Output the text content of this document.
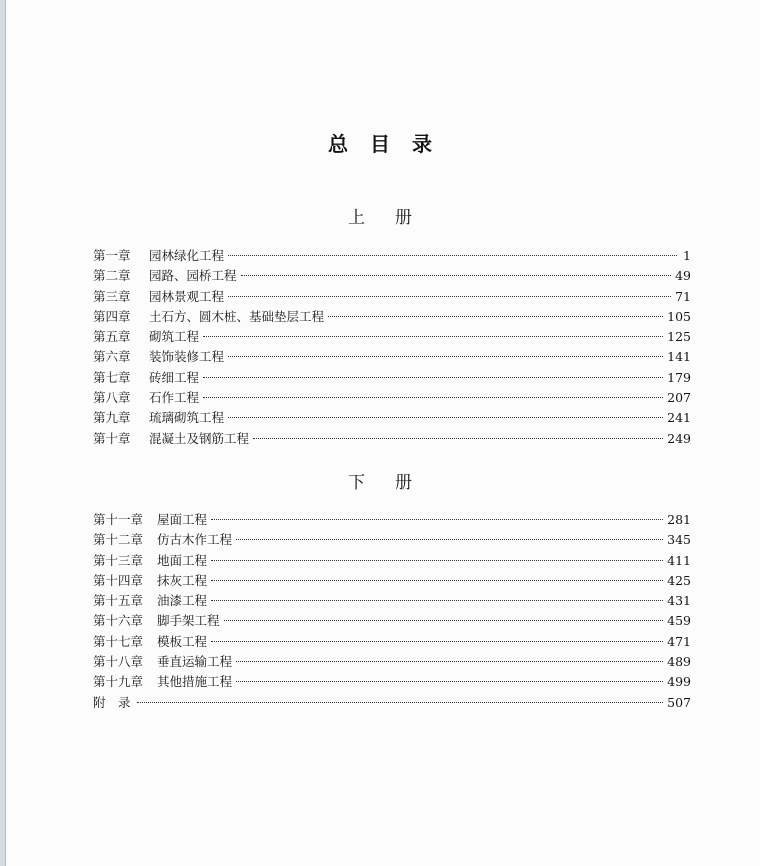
总目录
上册
第一章	园林绿化工程	1
第二章	园路、园桥工程	49
第三章	园林景观工程	71
第四章	土石方、圆木桩、基础垫层工程	105
第五章	砌筑工程	125
第六章	装饰装修工程	141
第七章	砖细工程	179
第八章	石作工程	207
第九章	琉璃砌筑工程	241
第十章	混凝土及钢筋工程	249
下册
第十一章	屋面工程	281
第十二章	仿古木作工程	345
第十三章	地面工程	411
第十四章	抹灰工程	425
第十五章	油漆工程	431
第十六章	脚手架工程	459
第十七章	模板工程	471
第十八章	垂直运输工程	489
第十九章	其他措施工程	499
附　录	507
